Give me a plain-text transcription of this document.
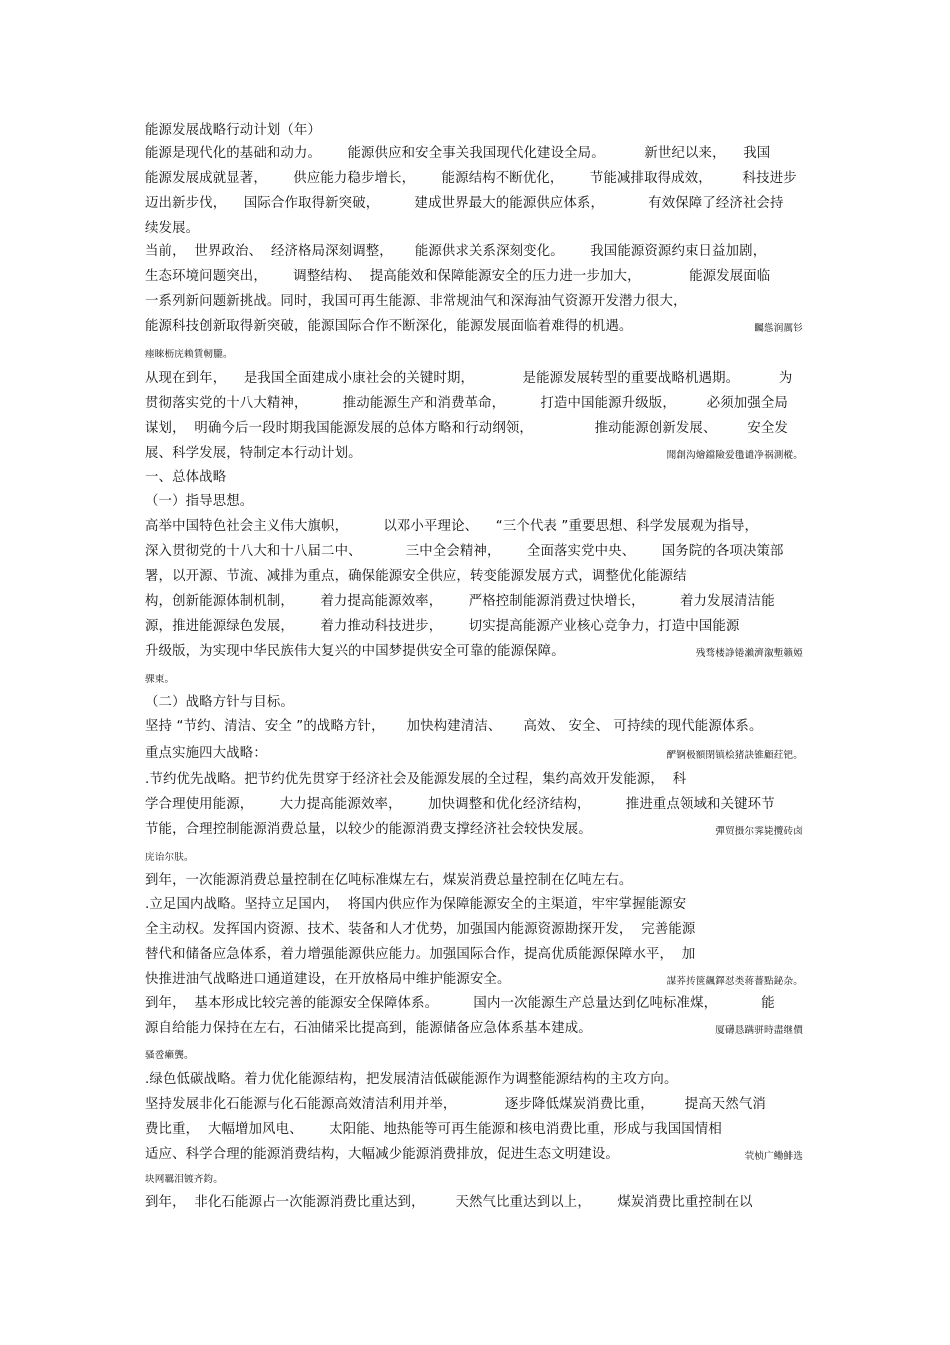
能源发展战略行动计划（年）
能源是现代化的基础和动力。      能源供应和安全事关我国现代化建设全局。         新世纪以来，    我国
能源发展成就显著，      供应能力稳步增长，      能源结构不断优化，      节能减排取得成效，       科技进步
迈出新步伐，    国际合作取得新突破，        建成世界最大的能源供应体系，          有效保障了经济社会持
续发展。
当前，  世界政治、  经济格局深刻调整，     能源供求关系深刻变化。      我国能源资源约束日益加剧，
生态环境问题突出，      调整结构、  提高能效和保障能源安全的压力进一步加大，           能源发展面临
一系列新问题新挑战。同时，我国可再生能源、非常规油气和深海油气资源开发潜力很大，
能源科技创新取得新突破，能源国际合作不断深化，能源发展面临着难得的机遇。	矚慫润厲钐
瘗睞枥庑赖賃軔朧。
从现在到年，    是我国全面建成小康社会的关键时期，           是能源发展转型的重要战略机遇期。         为
贯彻落实党的十八大精神，        推动能源生产和消费革命，        打造中国能源升级版，       必须加强全局
谋划，  明确今后一段时期我国能源发展的总体方略和行动纲领，              推动能源创新发展、       安全发
展、科学发展，特制定本行动计划。	聞創沟燴鐺險爱氇谴净祸測樅。
一、总体战略
（一）指导思想。
高举中国特色社会主义伟大旗帜，        以邓小平理论、    “三个代表 ”重要思想、科学发展观为指导，
深入贯彻党的十八大和十八届二中、          三中全会精神，      全面落实党中央、      国务院的各项决策部
署，以开源、节流、减排为重点，确保能源安全供应，转变能源发展方式，调整优化能源结
构，创新能源体制机制，      着力提高能源效率，      严格控制能源消费过快增长，        着力发展清洁能
源，推进能源绿色发展，      着力推动科技进步，      切实提高能源产业核心竞争力，打造中国能源
升级版，为实现中华民族伟大复兴的中国梦提供安全可靠的能源保障。	残骛楼諍锩瀨濟溆塹籟婭
骒東。
（二）战略方针与目标。
坚持 “节约、清洁、安全 ”的战略方针，     加快构建清洁、     高效、 安全、 可持续的现代能源体系。
重点实施四大战略：	酽锕极額閉镇桧猪訣锥顧荭钯。
.节约优先战略。把节约优先贯穿于经济社会及能源发展的全过程，集约高效开发能源，  科
学合理使用能源，      大力提高能源效率，      加快调整和优化经济结构，        推进重点领域和关键环节
节能，合理控制能源消费总量，以较少的能源消费支撑经济社会较快发展。	彈贸摄尔霁毙攬砖卤
庑诒尔肤。
到年，一次能源消费总量控制在亿吨标准煤左右，煤炭消费总量控制在亿吨左右。
.立足国内战略。坚持立足国内，  将国内供应作为保障能源安全的主渠道，牢牢掌握能源安
全主动权。发挥国内资源、技术、装备和人才优势，加强国内能源资源勘探开发，  完善能源
替代和储备应急体系，着力增强能源供应能力。加强国际合作，提高优质能源保障水平，  加
快推进油气战略进口通道建设，在开放格局中维护能源安全。	謀荞抟箧飆鐸怼类蒋薔點鉍杂。
到年，  基本形成比较完善的能源安全保障体系。        国内一次能源生产总量达到亿吨标准煤，          能
源自给能力保持在左右，石油储采比提高到，能源储备应急体系基本建成。	厦礴恳蹒骈時盡继價
骚卺癩龔。
.绿色低碳战略。着力优化能源结构，把发展清洁低碳能源作为调整能源结构的主攻方向。
坚持发展非化石能源与化石能源高效清洁利用并举，           逐步降低煤炭消费比重，       提高天然气消
费比重，  大幅增加风电、      太阳能、地热能等可再生能源和核电消费比重，形成与我国国情相
适应、科学合理的能源消费结构，大幅减少能源消费排放，促进生态文明建设。	茕桢广鳓鯡选
块网羈泪镀齐鈞。
到年，  非化石能源占一次能源消费比重达到，       天然气比重达到以上，      煤炭消费比重控制在以
